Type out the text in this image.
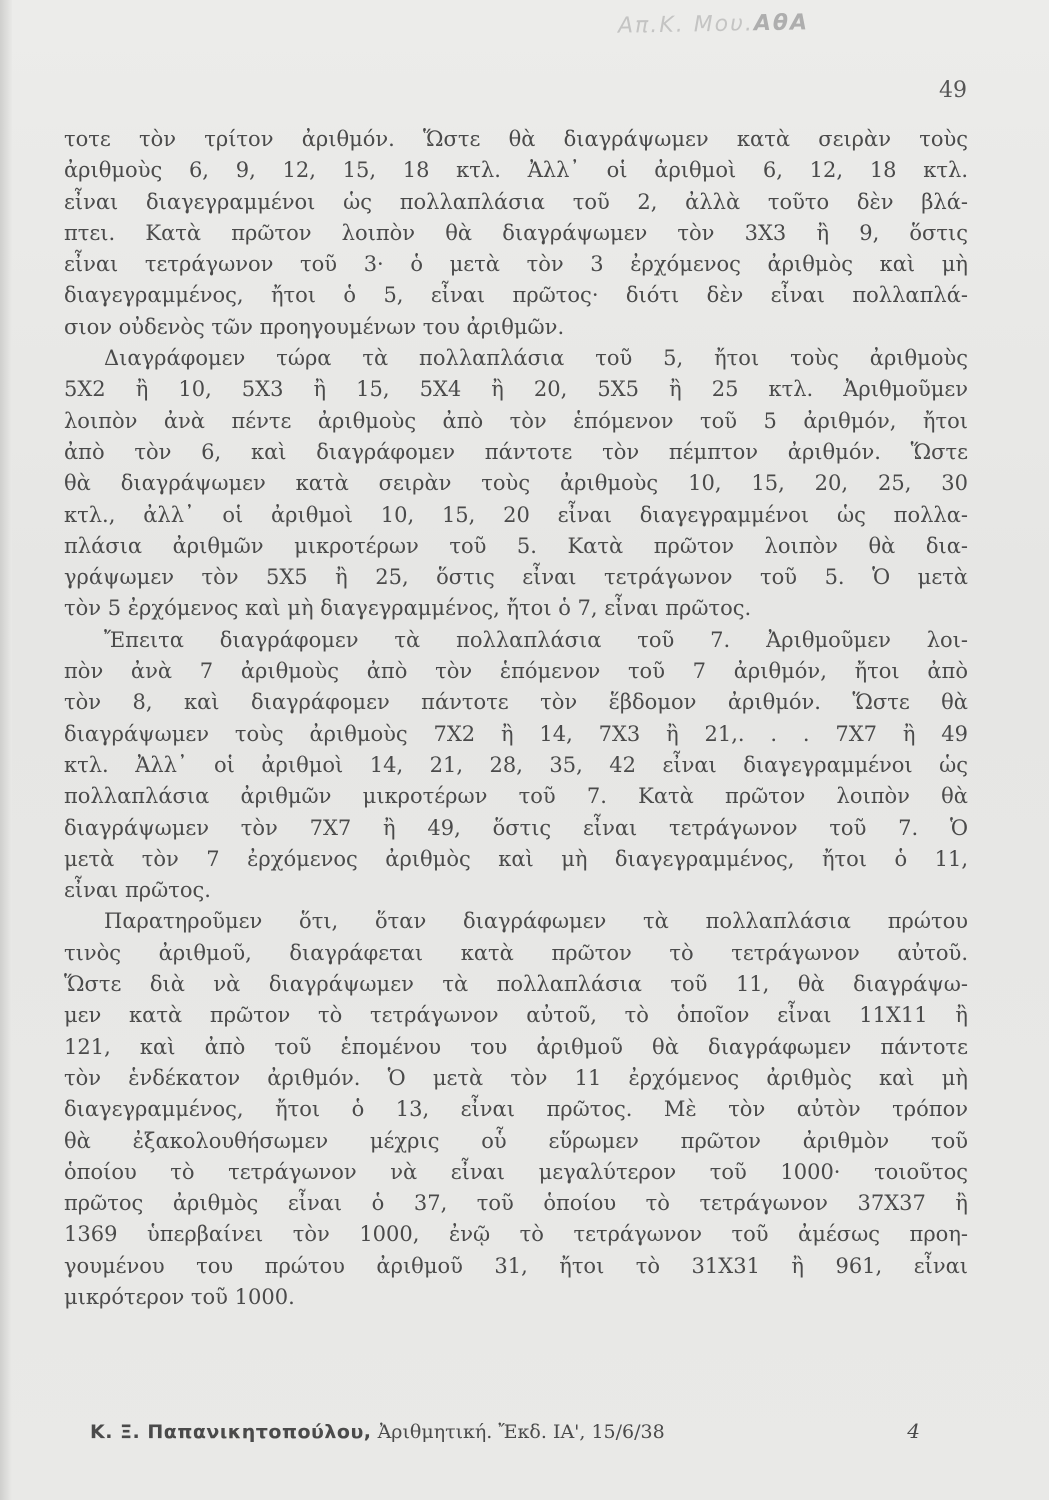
Απ.Κ. Μου.ΑθΑ
49
τοτε τὸν τρίτον ἀριθμόν. Ὥστε θὰ διαγράψωμεν κατὰ σειρὰν τοὺς
ἀριθμοὺς 6, 9, 12, 15, 18 κτλ. Ἀλλ᾽ οἱ ἀριθμοὶ 6, 12, 18 κτλ.
εἶναι διαγεγραμμένοι ὡς πολλαπλάσια τοῦ 2, ἀλλὰ τοῦτο δὲν βλά-
πτει. Κατὰ πρῶτον λοιπὸν θὰ διαγράψωμεν τὸν 3X3 ἢ 9, ὅστις
εἶναι τετράγωνον τοῦ 3· ὁ μετὰ τὸν 3 ἐρχόμενος ἀριθμὸς καὶ μὴ
διαγεγραμμένος, ἤτοι ὁ 5, εἶναι πρῶτος· διότι δὲν εἶναι πολλαπλά-
σιον οὐδενὸς τῶν προηγουμένων του ἀριθμῶν.
Διαγράφομεν τώρα τὰ πολλαπλάσια τοῦ 5, ἤτοι τοὺς ἀριθμοὺς
5X2 ἢ 10, 5X3 ἢ 15, 5X4 ἢ 20, 5X5 ἢ 25 κτλ. Ἀριθμοῦμεν
λοιπὸν ἀνὰ πέντε ἀριθμοὺς ἀπὸ τὸν ἑπόμενον τοῦ 5 ἀριθμόν, ἤτοι
ἀπὸ τὸν 6, καὶ διαγράφομεν πάντοτε τὸν πέμπτον ἀριθμόν. Ὥστε
θὰ διαγράψωμεν κατὰ σειρὰν τοὺς ἀριθμοὺς 10, 15, 20, 25, 30
κτλ., ἀλλ᾽ οἱ ἀριθμοὶ 10, 15, 20 εἶναι διαγεγραμμένοι ὡς πολλα-
πλάσια ἀριθμῶν μικροτέρων τοῦ 5. Κατὰ πρῶτον λοιπὸν θὰ δια-
γράψωμεν τὸν 5X5 ἢ 25, ὅστις εἶναι τετράγωνον τοῦ 5. Ὁ μετὰ
τὸν 5 ἐρχόμενος καὶ μὴ διαγεγραμμένος, ἤτοι ὁ 7, εἶναι πρῶτος.
Ἔπειτα διαγράφομεν τὰ πολλαπλάσια τοῦ 7. Ἀριθμοῦμεν λοι-
πὸν ἀνὰ 7 ἀριθμοὺς ἀπὸ τὸν ἑπόμενον τοῦ 7 ἀριθμόν, ἤτοι ἀπὸ
τὸν 8, καὶ διαγράφομεν πάντοτε τὸν ἕβδομον ἀριθμόν. Ὥστε θὰ
διαγράψωμεν τοὺς ἀριθμοὺς 7X2 ἢ 14, 7X3 ἢ 21,. . . 7X7 ἢ 49
κτλ. Ἀλλ᾽ οἱ ἀριθμοὶ 14, 21, 28, 35, 42 εἶναι διαγεγραμμένοι ὡς
πολλαπλάσια ἀριθμῶν μικροτέρων τοῦ 7. Κατὰ πρῶτον λοιπὸν θὰ
διαγράψωμεν τὸν 7X7 ἢ 49, ὅστις εἶναι τετράγωνον τοῦ 7. Ὁ
μετὰ τὸν 7 ἐρχόμενος ἀριθμὸς καὶ μὴ διαγεγραμμένος, ἤτοι ὁ 11,
εἶναι πρῶτος.
Παρατηροῦμεν ὅτι, ὅταν διαγράφωμεν τὰ πολλαπλάσια πρώτου
τινὸς ἀριθμοῦ, διαγράφεται κατὰ πρῶτον τὸ τετράγωνον αὐτοῦ.
Ὥστε διὰ νὰ διαγράψωμεν τὰ πολλαπλάσια τοῦ 11, θὰ διαγράψω-
μεν κατὰ πρῶτον τὸ τετράγωνον αὐτοῦ, τὸ ὁποῖον εἶναι 11X11 ἢ
121, καὶ ἀπὸ τοῦ ἑπομένου του ἀριθμοῦ θὰ διαγράφωμεν πάντοτε
τὸν ἑνδέκατον ἀριθμόν. Ὁ μετὰ τὸν 11 ἐρχόμενος ἀριθμὸς καὶ μὴ
διαγεγραμμένος, ἤτοι ὁ 13, εἶναι πρῶτος. Μὲ τὸν αὐτὸν τρόπον
θὰ ἐξακολουθήσωμεν μέχρις οὗ εὕρωμεν πρῶτον ἀριθμὸν τοῦ
ὁποίου τὸ τετράγωνον νὰ εἶναι μεγαλύτερον τοῦ 1000· τοιοῦτος
πρῶτος ἀριθμὸς εἶναι ὁ 37, τοῦ ὁποίου τὸ τετράγωνον 37X37 ἢ
1369 ὑπερβαίνει τὸν 1000, ἐνῷ τὸ τετράγωνον τοῦ ἀμέσως προη-
γουμένου του πρώτου ἀριθμοῦ 31, ἤτοι τὸ 31X31 ἢ 961, εἶναι
μικρότερον τοῦ 1000.
Κ. Ξ. Παπανικητοπούλου, Ἀριθμητική. Ἔκδ. ΙΑ', 15/6/38	4
